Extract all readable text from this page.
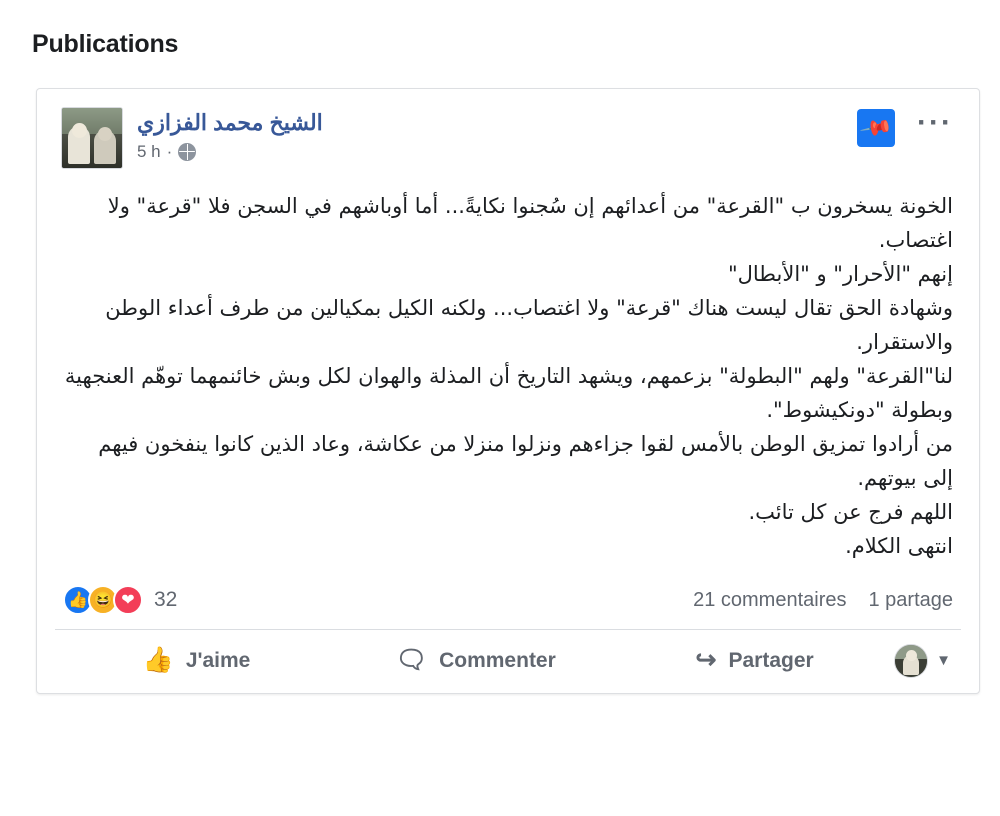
Publications
الشيخ محمد الفزازي
5 h ·
📌 ···

الخونة يسخرون ب "القرعة" من أعدائهم إن سُجنوا نكايةً... أما أوباشهم في السجن فلا "قرعة" ولا اغتصاب.

إنهم "الأحرار" و "الأبطال"

وشهادة الحق تقال ليست هناك "قرعة" ولا اغتصاب... ولكنه الكيل بمكيالين من طرف أعداء الوطن والاستقرار.

لنا"القرعة" ولهم "البطولة" بزعمهم، ويشهد التاريخ أن المذلة والهوان لكل وبش خائنمهما توهّم العنجهية وبطولة "دونكيشوط".

من أرادوا تمزيق الوطن بالأمس لقوا جزاءهم ونزلوا منزلا من عكاشة، وعاد الذين كانوا ينفخون فيهم إلى بيوتهم.

اللهم فرج عن كل تائب.

انتهى الكلام.

👍 😆 ❤ 32	21 commentaires 1 partage
👍 J'aime	🗨 Commenter	↪ Partager	▼
